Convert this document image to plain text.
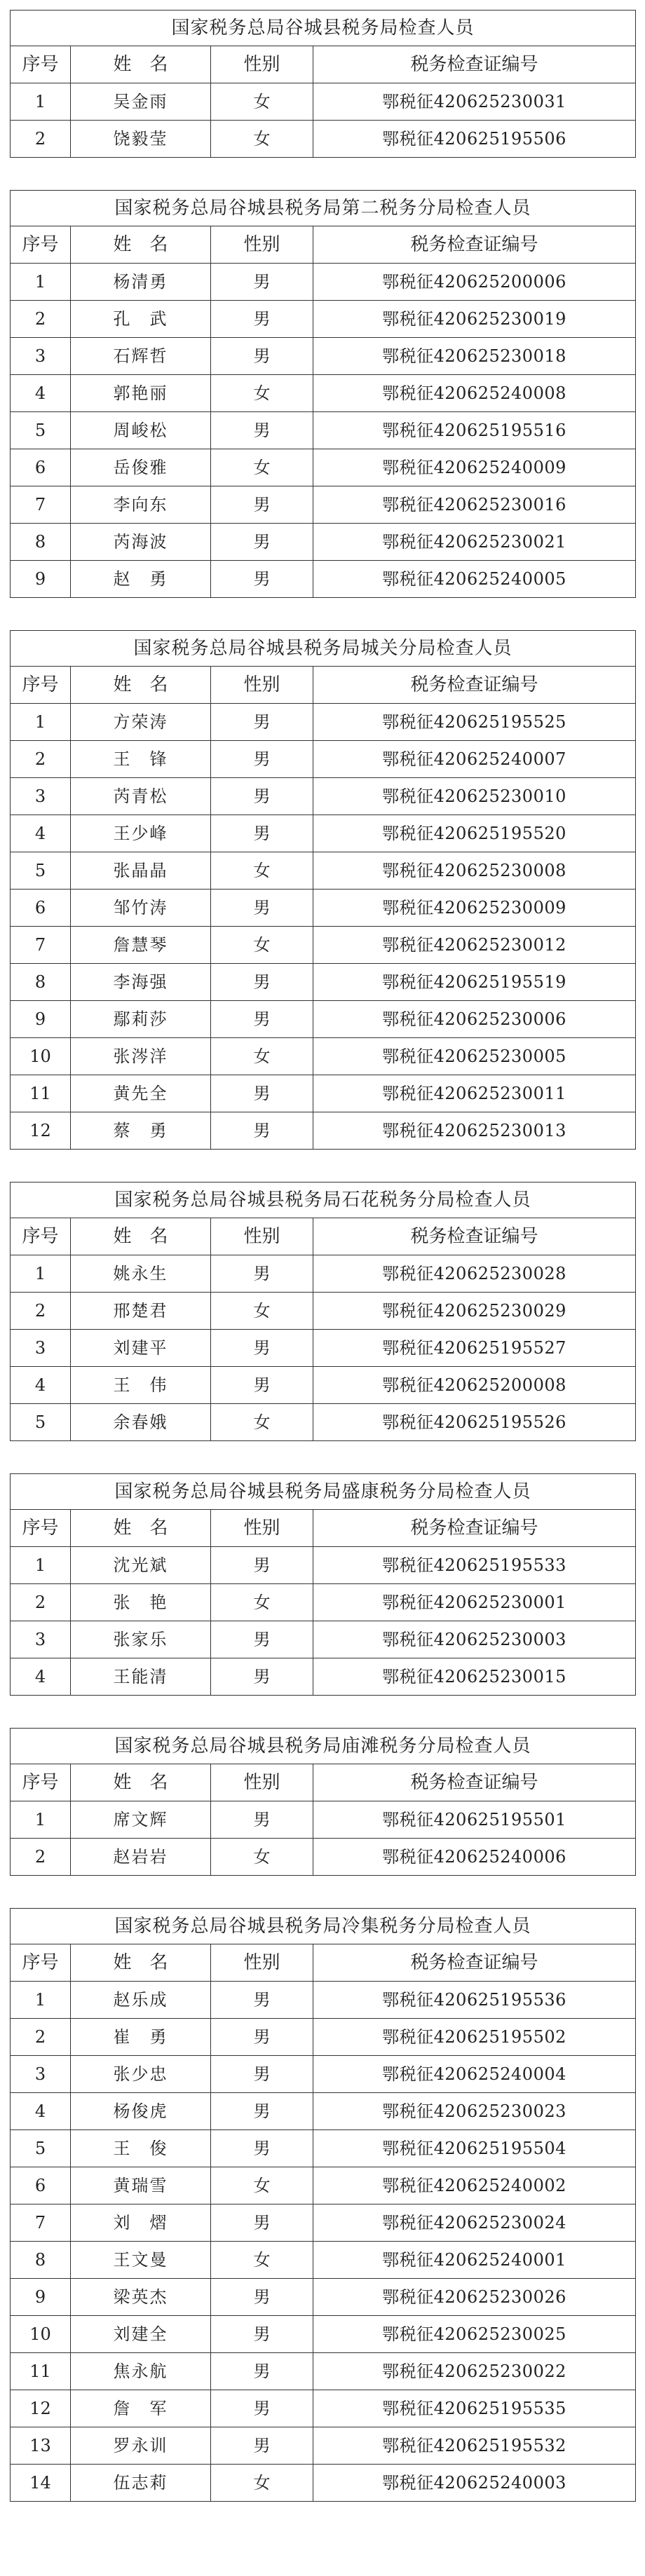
国家税务总局谷城县税务局检查人员			
序号	姓　名	性别	税务检查证编号
1	吴金雨	女	鄂税征420625230031
2	饶毅莹	女	鄂税征420625195506
国家税务总局谷城县税务局第二税务分局检查人员			
序号	姓　名	性别	税务检查证编号
1	杨清勇	男	鄂税征420625200006
2	孔　武	男	鄂税征420625230019
3	石辉哲	男	鄂税征420625230018
4	郭艳丽	女	鄂税征420625240008
5	周峻松	男	鄂税征420625195516
6	岳俊雅	女	鄂税征420625240009
7	李向东	男	鄂税征420625230016
8	芮海波	男	鄂税征420625230021
9	赵　勇	男	鄂税征420625240005
国家税务总局谷城县税务局城关分局检查人员			
序号	姓　名	性别	税务检查证编号
1	方荣涛	男	鄂税征420625195525
2	王　锋	男	鄂税征420625240007
3	芮青松	男	鄂税征420625230010
4	王少峰	男	鄂税征420625195520
5	张晶晶	女	鄂税征420625230008
6	邹竹涛	男	鄂税征420625230009
7	詹慧琴	女	鄂税征420625230012
8	李海强	男	鄂税征420625195519
9	鄢莉莎	男	鄂税征420625230006
10	张涔洋	女	鄂税征420625230005
11	黄先全	男	鄂税征420625230011
12	蔡　勇	男	鄂税征420625230013
国家税务总局谷城县税务局石花税务分局检查人员			
序号	姓　名	性别	税务检查证编号
1	姚永生	男	鄂税征420625230028
2	邢楚君	女	鄂税征420625230029
3	刘建平	男	鄂税征420625195527
4	王　伟	男	鄂税征420625200008
5	余春娥	女	鄂税征420625195526
国家税务总局谷城县税务局盛康税务分局检查人员			
序号	姓　名	性别	税务检查证编号
1	沈光斌	男	鄂税征420625195533
2	张　艳	女	鄂税征420625230001
3	张家乐	男	鄂税征420625230003
4	王能清	男	鄂税征420625230015
国家税务总局谷城县税务局庙滩税务分局检查人员			
序号	姓　名	性别	税务检查证编号
1	席文辉	男	鄂税征420625195501
2	赵岩岩	女	鄂税征420625240006
国家税务总局谷城县税务局冷集税务分局检查人员			
序号	姓　名	性别	税务检查证编号
1	赵乐成	男	鄂税征420625195536
2	崔　勇	男	鄂税征420625195502
3	张少忠	男	鄂税征420625240004
4	杨俊虎	男	鄂税征420625230023
5	王　俊	男	鄂税征420625195504
6	黄瑞雪	女	鄂税征420625240002
7	刘　熠	男	鄂税征420625230024
8	王文曼	女	鄂税征420625240001
9	梁英杰	男	鄂税征420625230026
10	刘建全	男	鄂税征420625230025
11	焦永航	男	鄂税征420625230022
12	詹　军	男	鄂税征420625195535
13	罗永训	男	鄂税征420625195532
14	伍志莉	女	鄂税征420625240003
